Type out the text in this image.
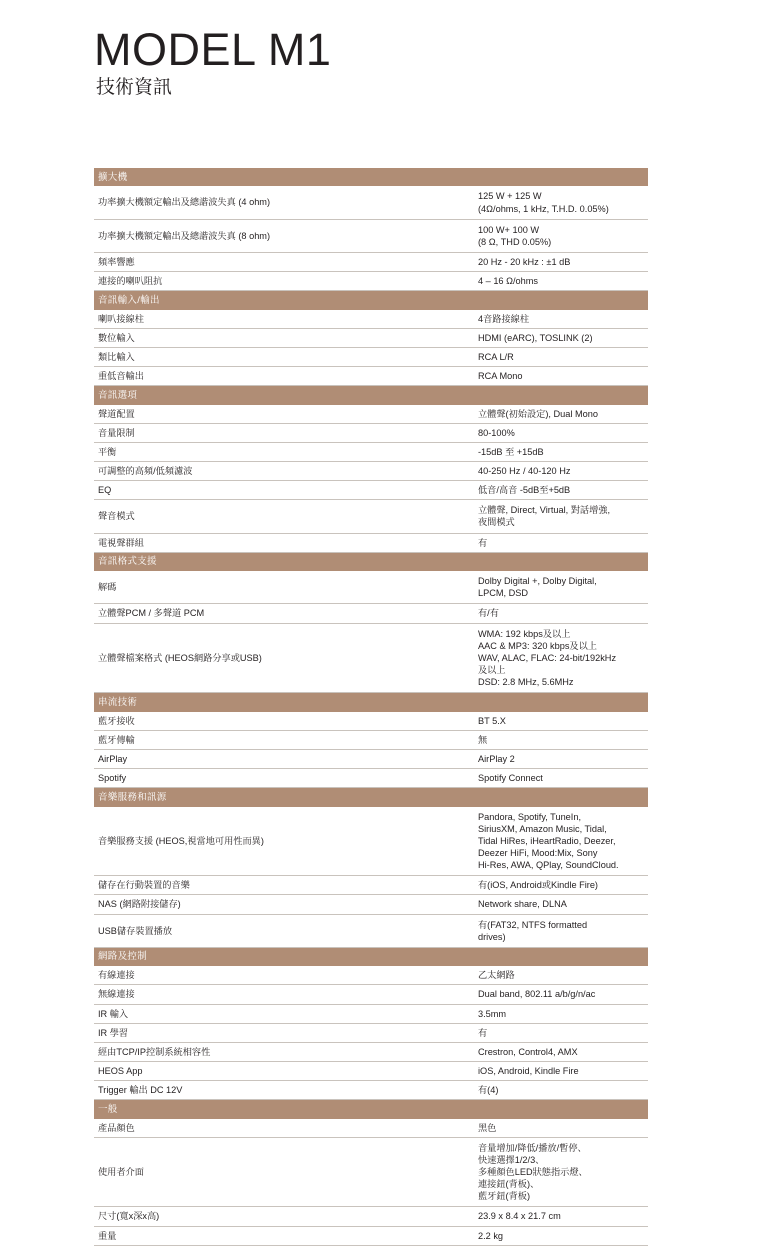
MODEL M1
技術資訊
擴大機	
功率擴大機額定輸出及總諧波失真 (4 ohm)	125 W + 125 W
(4Ω/ohms, 1 kHz, T.H.D. 0.05%)

功率擴大機額定輸出及總諧波失真 (8 ohm)	100 W+ 100 W
(8 Ω, THD 0.05%)

頻率響應	20 Hz - 20 kHz : ±1 dB

連接的喇叭阻抗	4 – 16 Ω/ohms

音訊輸入/輸出	
喇叭接線柱	4音路接線柱

數位輸入	HDMI (eARC), TOSLINK (2)

類比輸入	RCA L/R

重低音輸出	RCA Mono

音訊選項	
聲道配置	立體聲(初始設定), Dual Mono

音量限制	80-100%

平衡	-15dB 至 +15dB

可調整的高頻/低頻濾波	40-250 Hz / 40-120 Hz

EQ	低音/高音 -5dB至+5dB

聲音模式	立體聲, Direct, Virtual, 對話增強,
夜間模式

電視聲群組	有

音訊格式支援	
解碼	Dolby Digital +, Dolby Digital,
LPCM, DSD

立體聲PCM / 多聲道 PCM	有/有

立體聲檔案格式 (HEOS網路分享或USB)	WMA: 192 kbps及以上
AAC & MP3: 320 kbps及以上
WAV, ALAC, FLAC: 24-bit/192kHz
及以上
DSD: 2.8 MHz, 5.6MHz

串流技術	
藍牙接收	BT 5.X

藍牙傳輸	無

AirPlay	AirPlay 2

Spotify	Spotify Connect

音樂服務和訊源	
音樂服務支援 (HEOS,視當地可用性而異)	Pandora, Spotify, TuneIn,
SiriusXM, Amazon Music, Tidal,
Tidal HiRes, iHeartRadio, Deezer,
Deezer HiFi, Mood:Mix, Sony
Hi-Res, AWA, QPlay, SoundCloud.

儲存在行動裝置的音樂	有(iOS, Android或Kindle Fire)

NAS (網路附接儲存)	Network share, DLNA

USB儲存裝置播放	有(FAT32, NTFS formatted
drives)

網路及控制	
有線連接	乙太網路

無線連接	Dual band, 802.11 a/b/g/n/ac

IR 輸入	3.5mm

IR 學習	有

經由TCP/IP控制系統相容性	Crestron, Control4, AMX

HEOS App	iOS, Android, Kindle Fire

Trigger 輸出 DC 12V	有(4)

一般	
產品顏色	黑色

使用者介面	音量增加/降低/播放/暫停、
快速選擇1/2/3、
多種顏色LED狀態指示燈、
連接鈕(背板)、
藍牙鈕(背板)

尺寸(寬x深x高)	23.9 x 8.4 x 21.7 cm

重量	2.2 kg
